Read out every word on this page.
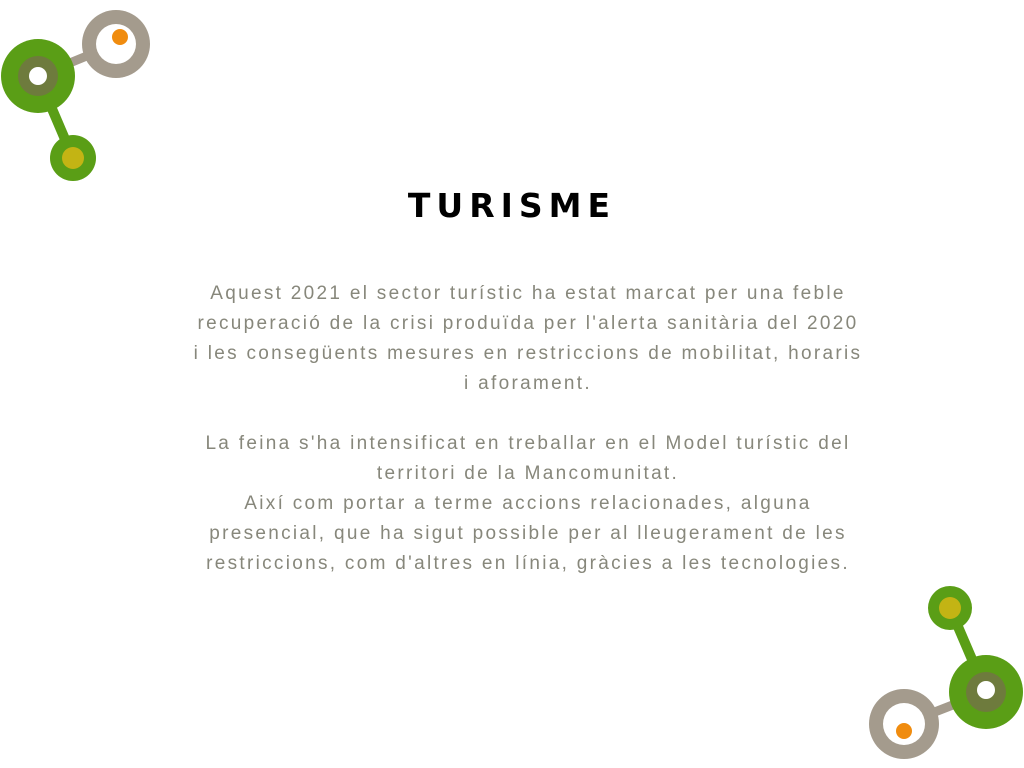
TURISME

Aquest 2021 el sector turístic ha estat marcat per una feble
recuperació de la crisi produïda per l'alerta sanitària del 2020
i les consegüents mesures en restriccions de mobilitat, horaris
i aforament.

La feina s'ha intensificat en treballar en el Model turístic del
territori de la Mancomunitat.
Així com portar a terme accions relacionades, alguna
presencial, que ha sigut possible per al lleugerament de les
restriccions, com d'altres en línia, gràcies a les tecnologies.
